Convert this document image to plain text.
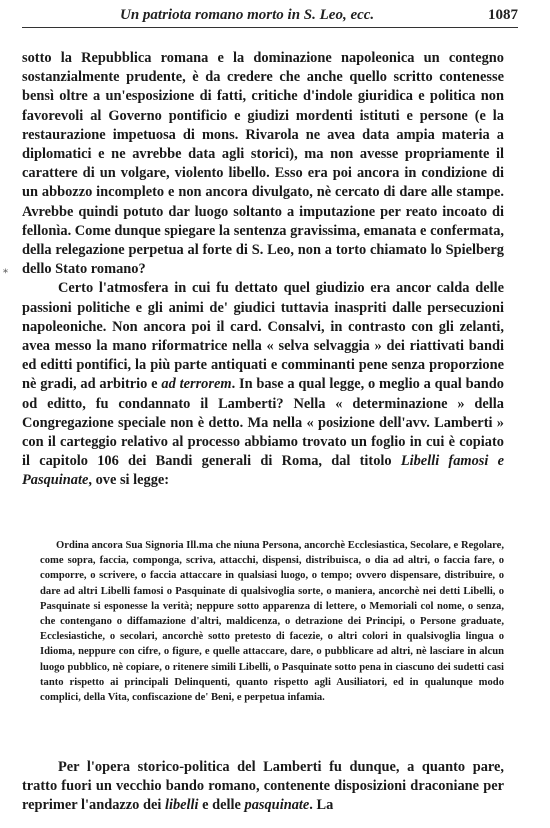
Un patriota romano morto in S. Leo, ecc.	1087
*

sotto la Repubblica romana e la dominazione napoleonica un contegno sostanzialmente prudente, è da credere che anche quello scritto contenesse bensì oltre a un'esposizione di fatti, critiche d'indole giuridica e politica non favorevoli al Governo pontificio e giudizi mordenti istituti e persone (e la restaurazione impetuosa di mons. Rivarola ne avea data ampia materia a diplomatici e ne avrebbe data agli storici), ma non avesse propriamente il carattere di un volgare, violento libello. Esso era poi ancora in condizione di un abbozzo incompleto e non ancora divulgato, nè cercato di dare alle stampe. Avrebbe quindi potuto dar luogo soltanto a imputazione per reato incoato di fellonìa. Come dunque spiegare la sentenza gravissima, emanata e confermata, della relegazione perpetua al forte di S. Leo, non a torto chiamato lo Spielberg dello Stato romano?

Certo l'atmosfera in cui fu dettato quel giudizio era ancor calda delle passioni politiche e gli animi de' giudici tuttavia inaspriti dalle persecuzioni napoleoniche. Non ancora poi il card. Consalvi, in contrasto con gli zelanti, avea messo la mano riformatrice nella « selva selvaggia » dei riattivati bandi ed editti pontifici, la più parte antiquati e comminanti pene senza proporzione nè gradi, ad arbitrio e ad terrorem. In base a qual legge, o meglio a qual bando od editto, fu condannato il Lamberti? Nella « determinazione » della Congregazione speciale non è detto. Ma nella « posizione dell'avv. Lamberti » con il carteggio relativo al processo abbiamo trovato un foglio in cui è copiato il capitolo 106 dei Bandi generali di Roma, dal titolo Libelli famosi e Pasquinate, ove si legge:

Ordina ancora Sua Signoria Ill.ma che niuna Persona, ancorchè Ecclesiastica, Secolare, e Regolare, come sopra, faccia, componga, scriva, attacchi, dispensi, distribuisca, o dia ad altri, o faccia fare, o comporre, o scrivere, o faccia attaccare in qualsiasi luogo, o tempo; ovvero dispensare, distribuire, o dare ad altri Libelli famosi o Pasquinate di qualsivoglia sorte, o maniera, ancorchè nei detti Libelli, o Pasquinate si esponesse la verità; neppure sotto apparenza di lettere, o Memoriali col nome, o senza, che contengano o diffamazione d'altri, maldicenza, o detrazione dei Principi, o Persone graduate, Ecclesiastiche, o secolari, ancorchè sotto pretesto di facezie, o altri colori in qualsivoglia lingua o Idioma, neppure con cifre, o figure, e quelle attaccare, dare, o pubblicare ad altri, nè lasciare in alcun luogo pubblico, nè copiare, o ritenere simili Libelli, o Pasquinate sotto pena in ciascuno dei sudetti casi tanto rispetto ai principali Delinquenti, quanto rispetto agli Ausiliatori, ed in qualunque modo complici, della Vita, confiscazione de' Beni, e perpetua infamia.

Per l'opera storico-politica del Lamberti fu dunque, a quanto pare, tratto fuori un vecchio bando romano, contenente disposizioni draconiane per reprimer l'andazzo dei libelli e delle pasquinate. La
